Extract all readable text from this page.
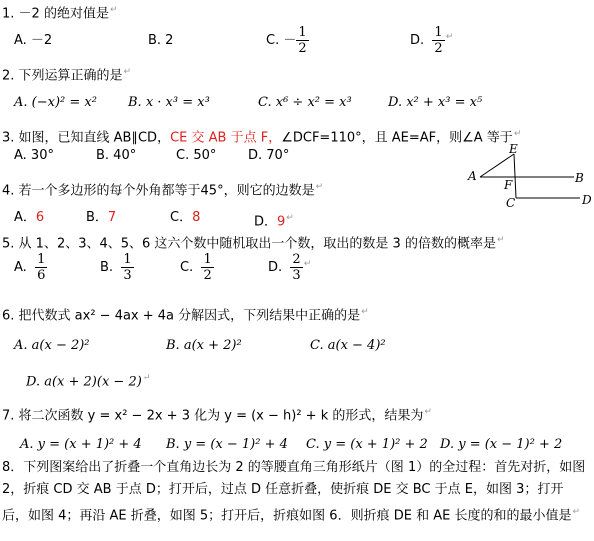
1. －2 的绝对值是↵
A. －2	B. 2	C. － $\frac{1}{2}$	D. $\frac{1}{2} ^↵$
2. 下列运算正确的是↵
A. (−x)² = x² B. x · x³ = x³	C. x⁶ ÷ x² = x³	D. x² + x³ = x⁵
3. 如图，已知直线 AB∥CD，CE 交 AB 于点 F，∠DCF=110°，且 AE=AF，则∠A 等于↵
A. 30°	B. 40°	C. 50° D. 70°
A	B
C	D
E
F
4. 若一个多边形的每个外角都等于45°，则它的边数是↵
A．6	B．7	C．8	D．9↵
5. 从 1、2、3、4、5、6 这六个数中随机取出一个数，取出的数是 3 的倍数的概率是↵
A. $\frac{1}{6}$	B. $\frac{1}{3}$	C. $\frac{1}{2}$	D. $\frac{2}{3} ^↵$
6. 把代数式 ax² − 4ax + 4a 分解因式，下列结果中正确的是↵
A. a(x − 2)²	B. a(x + 2)²	C. a(x − 4)²
D. a(x + 2)(x − 2)↵
7. 将二次函数 y = x² − 2x + 3 化为 y = (x − h)² + k 的形式，结果为↵
A. y = (x + 1)² + 4 B. y = (x − 1)² + 4 C. y = (x + 1)² + 2 D. y = (x − 1)² + 2
8．下列图案给出了折叠一个直角边长为 2 的等腰直角三角形纸片（图 1）的全过程：首先对折，如图 2，折痕 CD 交 AB 于点 D；打开后，过点 D 任意折叠，使折痕 DE 交 BC 于点 E，如图 3；打开后，如图 4；再沿 AE 折叠，如图 5；打开后，折痕如图 6．则折痕 DE 和 AE 长度的和的最小值是↵
